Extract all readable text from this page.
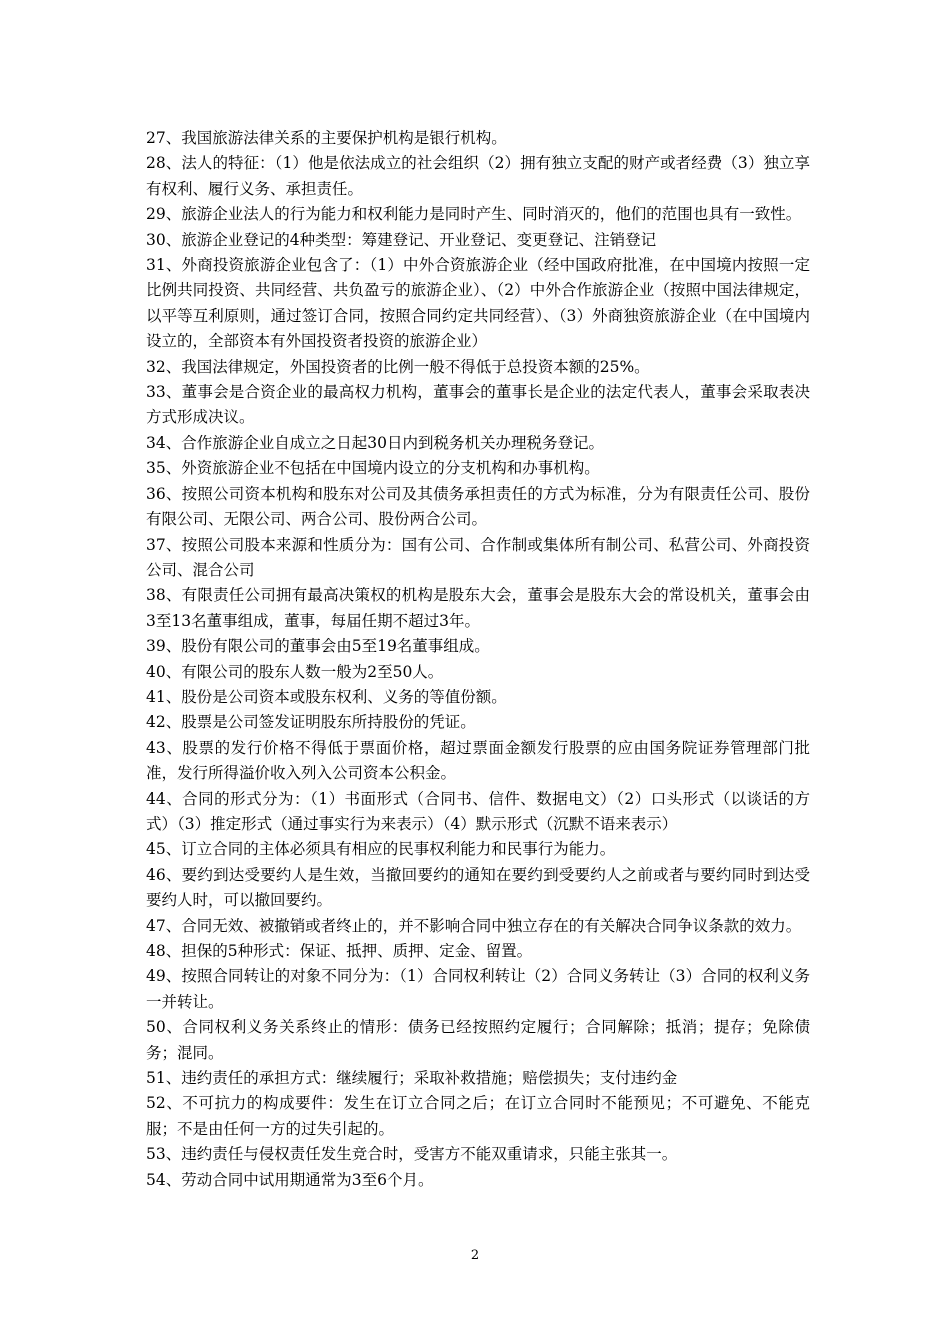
27、我国旅游法律关系的主要保护机构是银行机构。

28、法人的特征：（1）他是依法成立的社会组织（2）拥有独立支配的财产或者经费（3）独立享有权利、履行义务、承担责任。

29、旅游企业法人的行为能力和权利能力是同时产生、同时消灭的，他们的范围也具有一致性。

30、旅游企业登记的4种类型：筹建登记、开业登记、变更登记、注销登记

31、外商投资旅游企业包含了：（1）中外合资旅游企业（经中国政府批准，在中国境内按照一定比例共同投资、共同经营、共负盈亏的旅游企业）、（2）中外合作旅游企业（按照中国法律规定，以平等互利原则，通过签订合同，按照合同约定共同经营）、（3）外商独资旅游企业（在中国境内设立的，全部资本有外国投资者投资的旅游企业）

32、我国法律规定，外国投资者的比例一般不得低于总投资本额的25%。

33、董事会是合资企业的最高权力机构，董事会的董事长是企业的法定代表人，董事会采取表决方式形成决议。

34、合作旅游企业自成立之日起30日内到税务机关办理税务登记。

35、外资旅游企业不包括在中国境内设立的分支机构和办事机构。

36、按照公司资本机构和股东对公司及其债务承担责任的方式为标准，分为有限责任公司、股份有限公司、无限公司、两合公司、股份两合公司。

37、按照公司股本来源和性质分为：国有公司、合作制或集体所有制公司、私营公司、外商投资公司、混合公司

38、有限责任公司拥有最高决策权的机构是股东大会，董事会是股东大会的常设机关，董事会由3至13名董事组成，董事，每届任期不超过3年。

39、股份有限公司的董事会由5至19名董事组成。

40、有限公司的股东人数一般为2至50人。

41、股份是公司资本或股东权利、义务的等值份额。

42、股票是公司签发证明股东所持股份的凭证。

43、股票的发行价格不得低于票面价格，超过票面金额发行股票的应由国务院证券管理部门批准，发行所得溢价收入列入公司资本公积金。

44、合同的形式分为：（1）书面形式（合同书、信件、数据电文）（2）口头形式（以谈话的方式）（3）推定形式（通过事实行为来表示）（4）默示形式（沉默不语来表示）

45、订立合同的主体必须具有相应的民事权利能力和民事行为能力。

46、要约到达受要约人是生效，当撤回要约的通知在要约到受要约人之前或者与要约同时到达受要约人时，可以撤回要约。

47、合同无效、被撤销或者终止的，并不影响合同中独立存在的有关解决合同争议条款的效力。

48、担保的5种形式：保证、抵押、质押、定金、留置。

49、按照合同转让的对象不同分为：（1）合同权利转让（2）合同义务转让（3）合同的权利义务一并转让。

50、合同权利义务关系终止的情形：债务已经按照约定履行；合同解除；抵消；提存；免除债务；混同。

51、违约责任的承担方式：继续履行；采取补救措施；赔偿损失；支付违约金

52、不可抗力的构成要件：发生在订立合同之后；在订立合同时不能预见；不可避免、不能克服；不是由任何一方的过失引起的。

53、违约责任与侵权责任发生竞合时，受害方不能双重请求，只能主张其一。

54、劳动合同中试用期通常为3至6个月。

2
